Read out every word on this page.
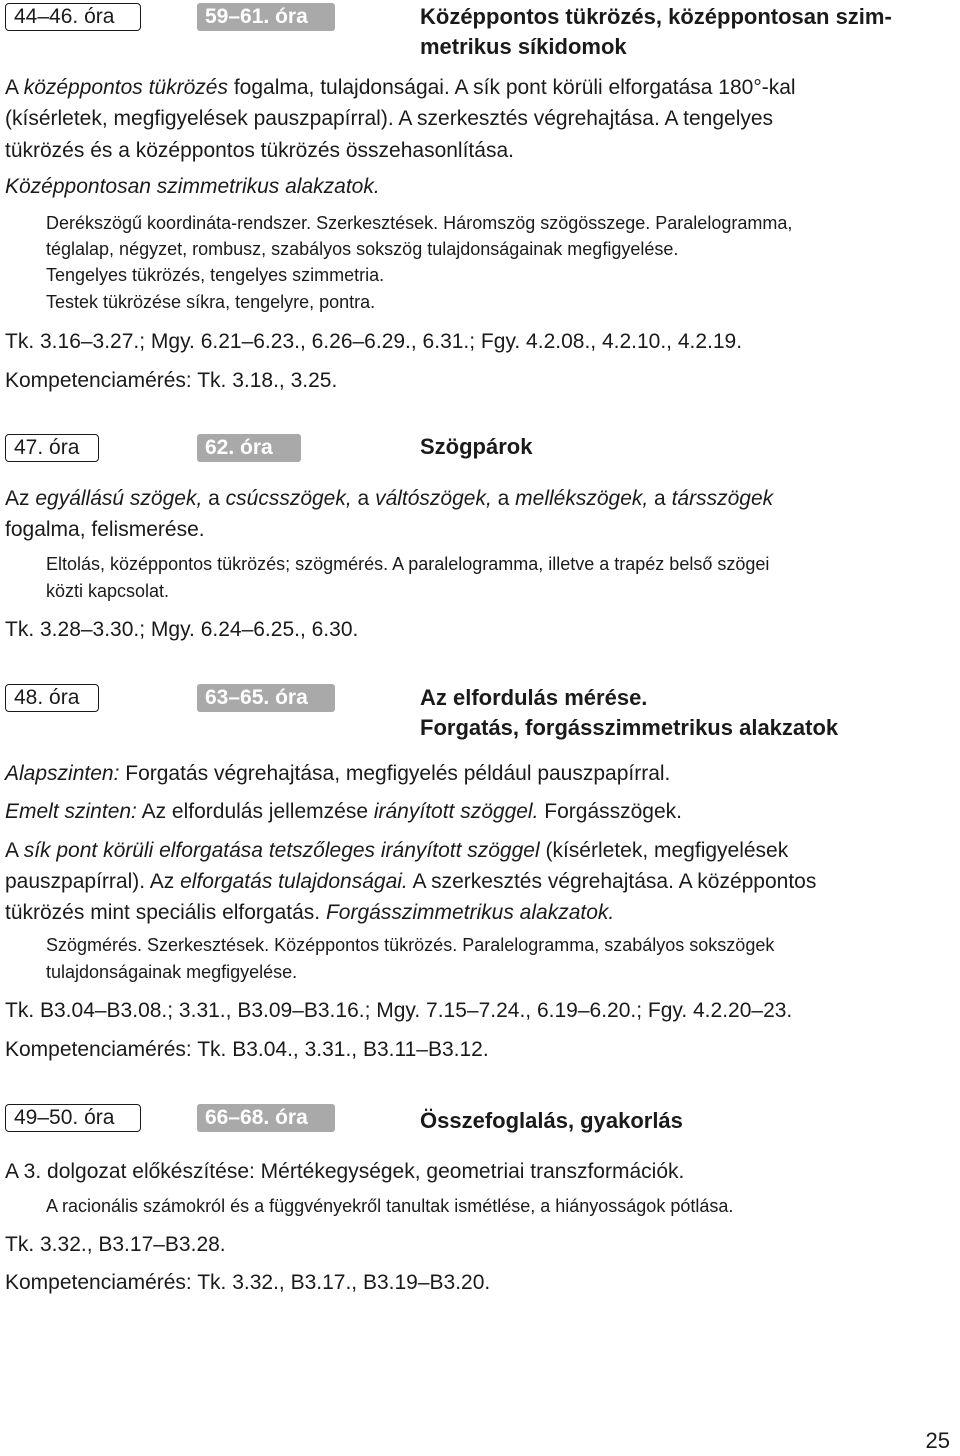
44–46. óra	59–61. óra	Középpontos tükrözés, középpontosan szim-
metrikus síkidomok
A középpontos tükrözés fogalma, tulajdonságai. A sík pont körüli elforgatása 180°-kal
(kísérletek, megfigyelések pauszpapírral). A szerkesztés végrehajtása. A tengelyes
tükrözés és a középpontos tükrözés összehasonlítása.
Középpontosan szimmetrikus alakzatok.
Derékszögű koordináta-rendszer. Szerkesztések. Háromszög szögösszege. Paralelogramma,
téglalap, négyzet, rombusz, szabályos sokszög tulajdonságainak megfigyelése.
Tengelyes tükrözés, tengelyes szimmetria.
Testek tükrözése síkra, tengelyre, pontra.
Tk. 3.16–3.27.; Mgy. 6.21–6.23., 6.26–6.29., 6.31.; Fgy. 4.2.08., 4.2.10., 4.2.19.
Kompetenciamérés: Tk. 3.18., 3.25.
47. óra	62. óra	Szögpárok
Az egyállású szögek, a csúcsszögek, a váltószögek, a mellékszögek, a társszögek
fogalma, felismerése.
Eltolás, középpontos tükrözés; szögmérés. A paralelogramma, illetve a trapéz belső szögei
közti kapcsolat.
Tk. 3.28–3.30.; Mgy. 6.24–6.25., 6.30.
48. óra	63–65. óra	Az elfordulás mérése.
Forgatás, forgásszimmetrikus alakzatok
Alapszinten: Forgatás végrehajtása, megfigyelés például pauszpapírral.
Emelt szinten: Az elfordulás jellemzése irányított szöggel. Forgásszögek.
A sík pont körüli elforgatása tetszőleges irányított szöggel (kísérletek, megfigyelések
pauszpapírral). Az elforgatás tulajdonságai. A szerkesztés végrehajtása. A középpontos
tükrözés mint speciális elforgatás. Forgásszimmetrikus alakzatok.
Szögmérés. Szerkesztések. Középpontos tükrözés. Paralelogramma, szabályos sokszögek
tulajdonságainak megfigyelése.
Tk. B3.04–B3.08.; 3.31., B3.09–B3.16.; Mgy. 7.15–7.24., 6.19–6.20.; Fgy. 4.2.20–23.
Kompetenciamérés: Tk. B3.04., 3.31., B3.11–B3.12.
49–50. óra	66–68. óra	Összefoglalás, gyakorlás
A 3. dolgozat előkészítése: Mértékegységek, geometriai transzformációk.
A racionális számokról és a függvényekről tanultak ismétlése, a hiányosságok pótlása.
Tk. 3.32., B3.17–B3.28.
Kompetenciamérés: Tk. 3.32., B3.17., B3.19–B3.20.
25
